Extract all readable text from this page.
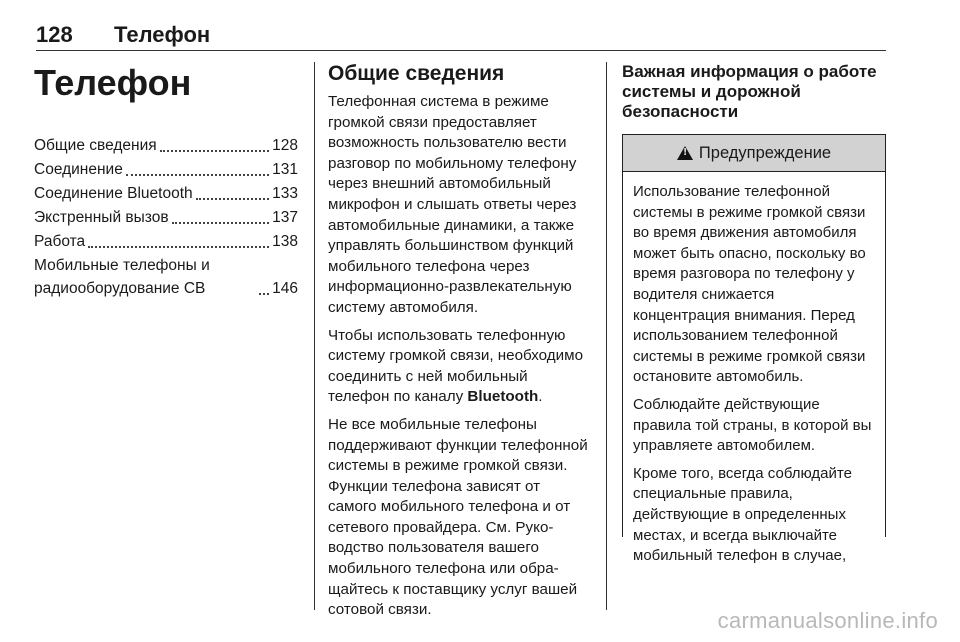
128 Телефон
Телефон
Общие сведения	128
Соединение	131
Соединение Bluetooth	133
Экстренный вызов	137
Работа	138
Мобильные телефоны и радиооборудование CB	146
Общие сведения

Телефонная система в режиме громкой связи предоставляет возможность пользователю вести разговор по мобильному телефону через внешний автомобильный микрофон и слышать ответы через автомобильные динамики, а также управлять большинством функций мобильного телефона через информационно-развлекательную систему автомобиля.

Чтобы использовать телефонную систему громкой связи, необходимо соединить с ней мобильный телефон по каналу Bluetooth.

Не все мобильные телефоны поддерживают функции телефонной системы в режиме громкой связи. Функции телефона зависят от самого мобильного телефона и от сетевого провайдера. См. Руководство пользователя вашего мобильного телефона или обращайтесь к поставщику услуг вашей сотовой связи.

Важная информация о работе системы и дорожной безопасности
!
Предупреждение

Использование телефонной системы в режиме громкой связи во время движения автомобиля может быть опасно, поскольку во время разговора по телефону у водителя снижается концентрация внимания. Перед использованием телефонной системы в режиме громкой связи остановите автомобиль.

Соблюдайте действующие правила той страны, в которой вы управляете автомобилем.

Кроме того, всегда соблюдайте специальные правила, действующие в определенных местах, и всегда выключайте мобильный телефон в случае,

carmanualsonline.info
